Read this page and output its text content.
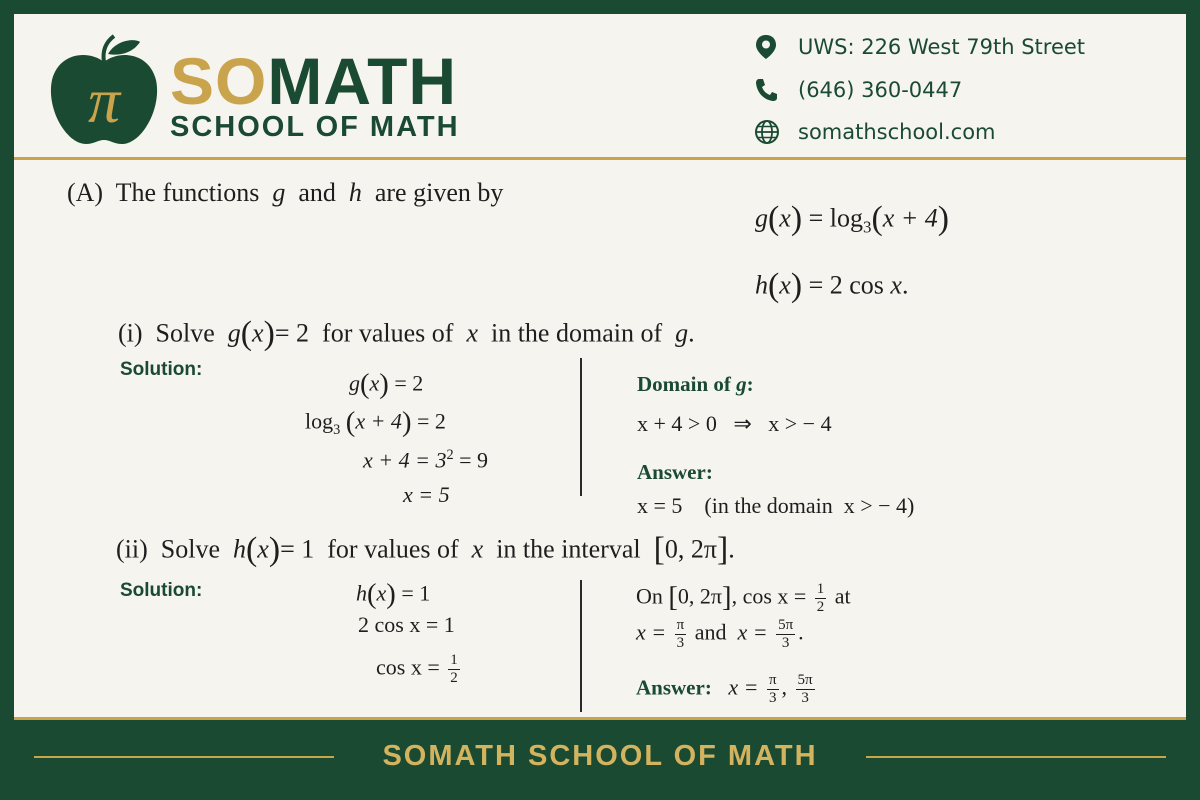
π SOMATH
SCHOOL OF MATH
UWS: 226 West 79th Street
(646) 360-0447
somathschool.com
(A) The functions g and h are given by
$g(x) = \log_3(x + 4)$
h(x) = 2 cos x.
(i) Solve g(x)= 2 for values of x in the domain of g.
Solution:
g(x) = 2
$\log_3 (x + 4) = 2$
$x + 4 = 3^2 = 9$
x = 5
Domain of g:
x + 4 > 0   ⇒   x > − 4
Answer:
x = 5    (in the domain  x > − 4)
(ii) Solve h(x)= 1 for values of x in the interval [0, 2π].
Solution:	h(x) = 1
2 cos x = 1
$\cos x = \frac{1}{2}$
On [0, 2π], $\cos x = \frac{1}{2}$ at
$x = \frac{\pi}{3}$ and $x = \frac{5\pi}{3}$ .
Answer: $x = \frac{\pi}{3}$ , $\frac{5\pi}{3}$
SOMATH SCHOOL OF MATH
